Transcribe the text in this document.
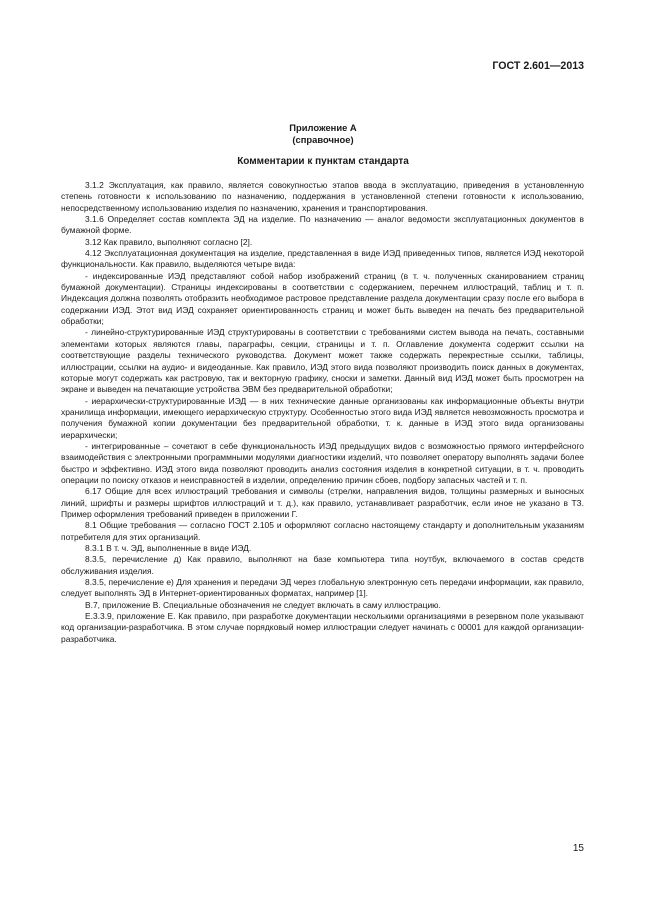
ГОСТ 2.601—2013
Приложение А
(справочное)
Комментарии к пунктам стандарта

3.1.2 Эксплуатация, как правило, является совокупностью этапов ввода в эксплуатацию, приведения в установленную степень готовности к использованию по назначению, поддержания в установленной степени готовности к использованию, непосредственному использованию изделия по назначению, хранения и транспортирования.

3.1.6 Определяет состав комплекта ЭД на изделие. По назначению — аналог ведомости эксплуатационных документов в бумажной форме.

3.12 Как правило, выполняют согласно [2].

4.12 Эксплуатационная документация на изделие, представленная в виде ИЭД приведенных типов, является ИЭД некоторой функциональности. Как правило, выделяются четыре вида:

- индексированные ИЭД представляют собой набор изображений страниц (в т. ч. полученных сканированием страниц бумажной документации). Страницы индексированы в соответствии с содержанием, перечнем иллюстраций, таблиц и т. п. Индексация должна позволять отобразить необходимое растровое представление раздела документации сразу после его выбора в содержании ИЭД. Этот вид ИЭД сохраняет ориентированность страниц и может быть выведен на печать без предварительной обработки;

- линейно-структурированные ИЭД структурированы в соответствии с требованиями систем вывода на печать, составными элементами которых являются главы, параграфы, секции, страницы и т. п. Оглавление документа содержит ссылки на соответствующие разделы технического руководства. Документ может также содержать перекрестные ссылки, таблицы, иллюстрации, ссылки на аудио- и видеоданные. Как правило, ИЭД этого вида позволяют производить поиск данных в документах, которые могут содержать как растровую, так и векторную графику, сноски и заметки. Данный вид ИЭД может быть просмотрен на экране и выведен на печатающие устройства ЭВМ без предварительной обработки;

- иерархически-структурированные ИЭД — в них технические данные организованы как информационные объекты внутри хранилища информации, имеющего иерархическую структуру. Особенностью этого вида ИЭД является невозможность просмотра и получения бумажной копии документации без предварительной обработки, т. к. данные в ИЭД этого вида организованы иерархически;

- интегрированные – сочетают в себе функциональность ИЭД предыдущих видов с возможностью прямого интерфейсного взаимодействия с электронными программными модулями диагностики изделий, что позволяет оператору выполнять задачи более быстро и эффективно. ИЭД этого вида позволяют проводить анализ состояния изделия в конкретной ситуации, в т. ч. проводить операции по поиску отказов и неисправностей в изделии, определению причин сбоев, подбору запасных частей и т. п.

6.17 Общие для всех иллюстраций требования и символы (стрелки, направления видов, толщины размерных и выносных линий, шрифты и размеры шрифтов иллюстраций и т. д.), как правило, устанавливает разработчик, если иное не указано в ТЗ. Пример оформления требований приведен в приложении Г.

8.1 Общие требования — согласно ГОСТ 2.105 и оформляют согласно настоящему стандарту и дополнительным указаниям потребителя для этих организаций.

8.3.1 В т. ч. ЭД, выполненные в виде ИЭД.

8.3.5, перечисление д) Как правило, выполняют на базе компьютера типа ноутбук, включаемого в состав средств обслуживания изделия.

8.3.5, перечисление е) Для хранения и передачи ЭД через глобальную электронную сеть передачи информации, как правило, следует выполнять ЭД в Интернет-ориентированных форматах, например [1].

В.7, приложение В. Специальные обозначения не следует включать в саму иллюстрацию.

Е.3.3.9, приложение Е. Как правило, при разработке документации несколькими организациями в резервном поле указывают код организации-разработчика. В этом случае порядковый номер иллюстрации следует начинать с 00001 для каждой организации-разработчика.

15
